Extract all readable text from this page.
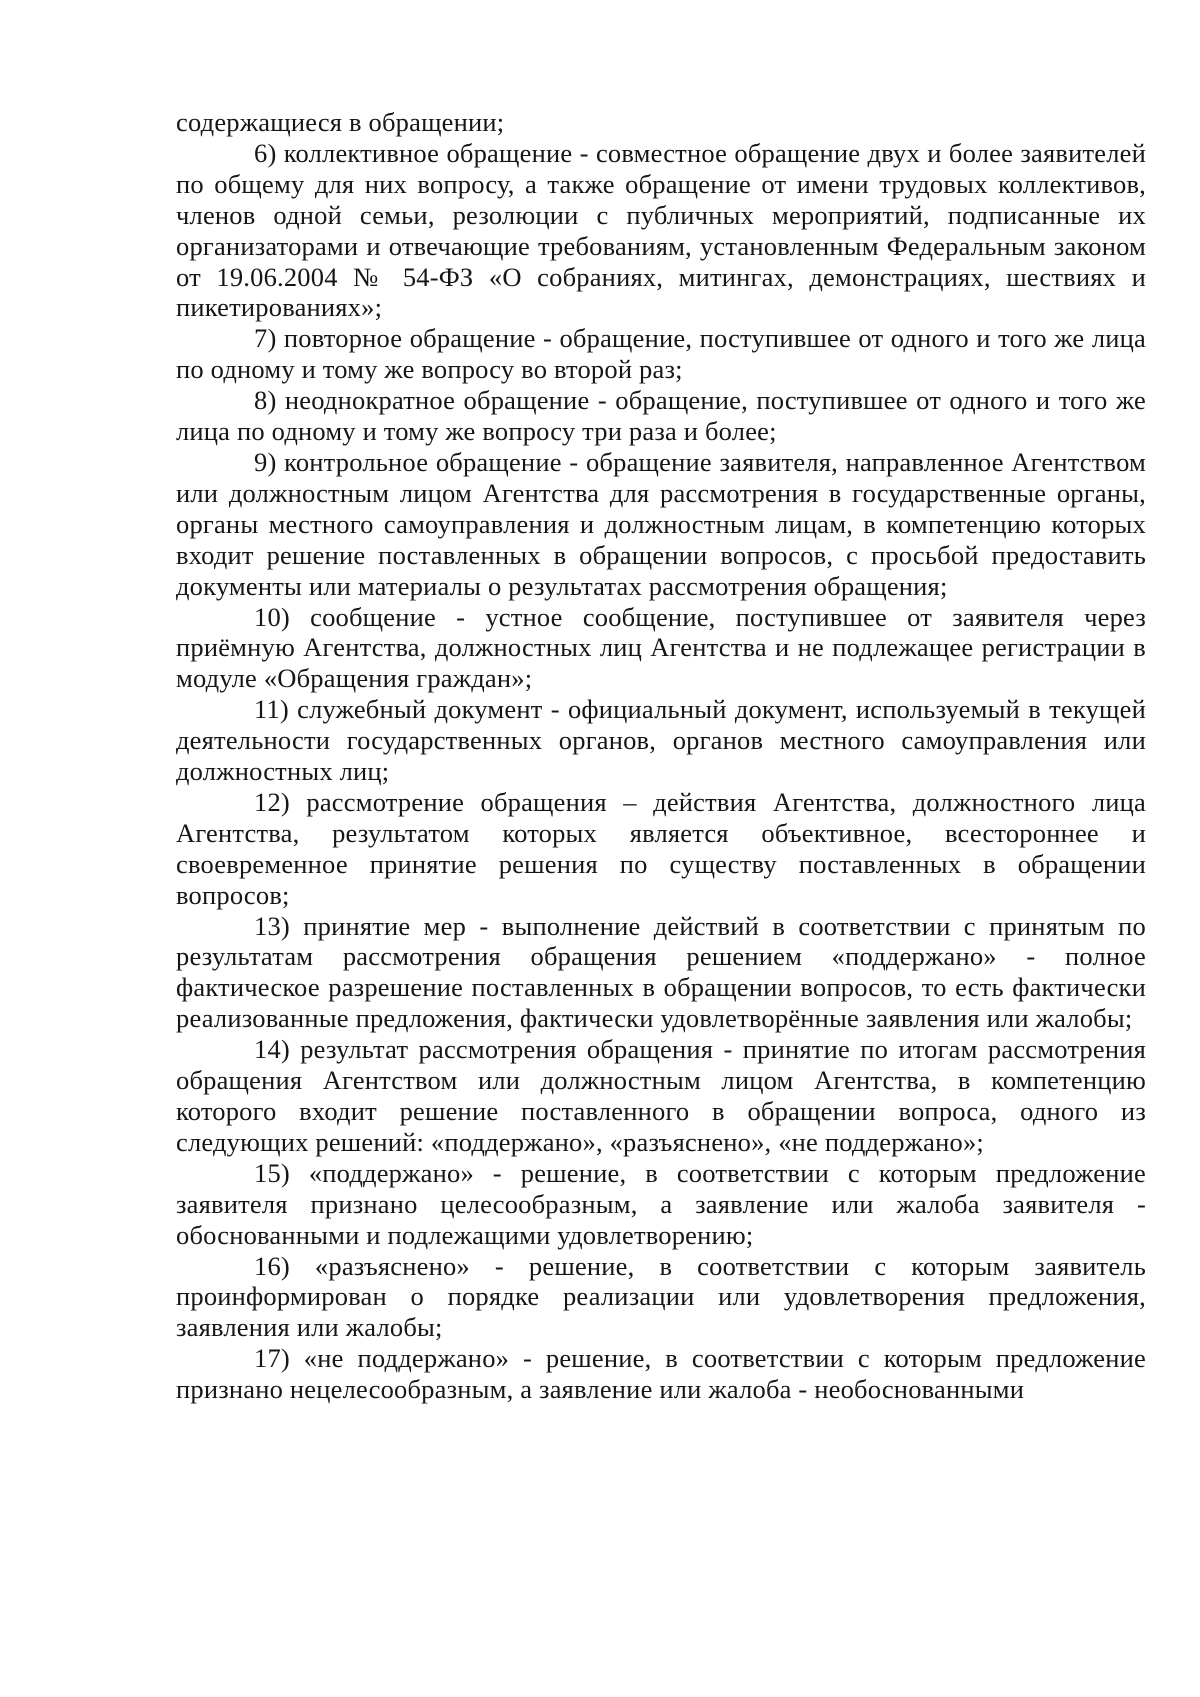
содержащиеся в обращении;

6) коллективное обращение - совместное обращение двух и более заявителей по общему для них вопросу, а также обращение от имени трудовых коллективов, членов одной семьи, резолюции с публичных мероприятий, подписанные их организаторами и отвечающие требованиям, установленным Федеральным законом от 19.06.2004 № 54-ФЗ «О собраниях, митингах, демонстрациях, шествиях и пикетированиях»;

7) повторное обращение - обращение, поступившее от одного и того же лица по одному и тому же вопросу во второй раз;

8) неоднократное обращение - обращение, поступившее от одного и того же лица по одному и тому же вопросу три раза и более;

9) контрольное обращение - обращение заявителя, направленное Агентством или должностным лицом Агентства для рассмотрения в государственные органы, органы местного самоуправления и должностным лицам, в компетенцию которых входит решение поставленных в обращении вопросов, с просьбой предоставить документы или материалы о результатах рассмотрения обращения;

10) сообщение - устное сообщение, поступившее от заявителя через приёмную Агентства, должностных лиц Агентства и не подлежащее регистрации в модуле «Обращения граждан»;

11) служебный документ - официальный документ, используемый в текущей деятельности государственных органов, органов местного самоуправления или должностных лиц;

12) рассмотрение обращения – действия Агентства, должностного лица Агентства, результатом которых является объективное, всестороннее и своевременное принятие решения по существу поставленных в обращении вопросов;

13) принятие мер - выполнение действий в соответствии с принятым по результатам рассмотрения обращения решением «поддержано» - полное фактическое разрешение поставленных в обращении вопросов, то есть фактически реализованные предложения, фактически удовлетворённые заявления или жалобы;

14) результат рассмотрения обращения - принятие по итогам рассмотрения обращения Агентством или должностным лицом Агентства, в компетенцию которого входит решение поставленного в обращении вопроса, одного из следующих решений: «поддержано», «разъяснено», «не поддержано»;

15) «поддержано» - решение, в соответствии с которым предложение заявителя признано целесообразным, а заявление или жалоба заявителя - обоснованными и подлежащими удовлетворению;

16) «разъяснено» - решение, в соответствии с которым заявитель проинформирован о порядке реализации или удовлетворения предложения, заявления или жалобы;

17) «не поддержано» - решение, в соответствии с которым предложение признано нецелесообразным, а заявление или жалоба - необоснованными
